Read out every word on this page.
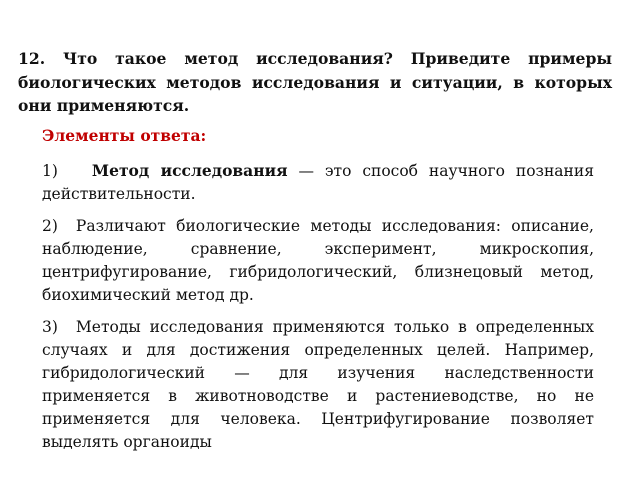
12. Что такое метод исследования? Приведите примеры биологических методов исследования и ситуации, в которых они применяются.

Элементы ответа:
1) Метод исследования — это способ научного познания действительности.
2) Различают биологические методы исследования: описание, наблюдение, сравнение, эксперимент, микроскопия, центрифугирование, гибридологический, близнецовый метод, биохимический метод др.
3) Методы исследования применяются только в определенных случаях и для достижения определенных целей. Например, гибридологический — для изучения наследственности применяется в животноводстве и растениеводстве, но не применяется для человека. Центрифугирование позволяет выделять органоиды
